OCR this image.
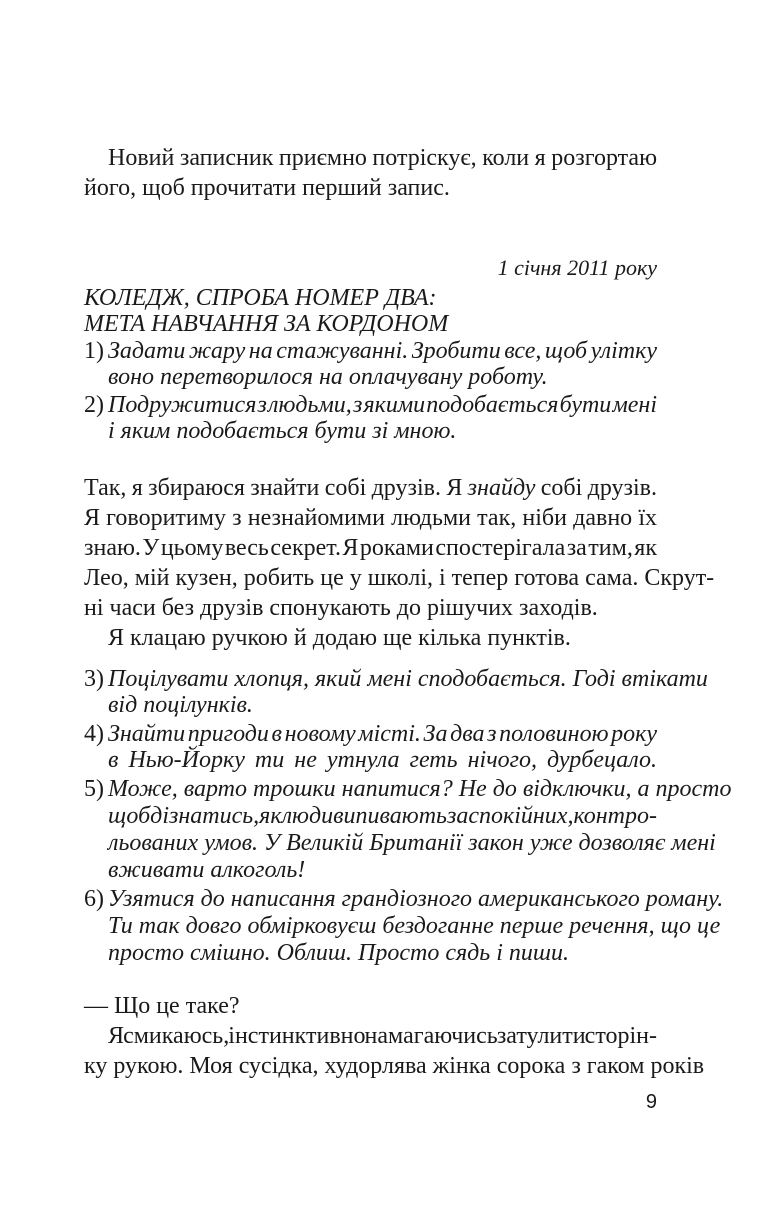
Новий записник приємно потріскує, коли я розгортаю
його, щоб прочитати перший запис.
1 січня 2011 року
КОЛЕДЖ, СПРОБА НОМЕР ДВА:
МЕТА НАВЧАННЯ ЗА КОРДОНОМ
1) Задати жару на стажуванні. Зробити все, щоб улітку
воно перетворилося на оплачувану роботу.
2) Подружитися з людьми, з якими подобається бути мені
і яким подобається бути зі мною.
Так, я збираюся знайти собі друзів. Я знайду собі друзів.
Я говоритиму з незнайомими людьми так, ніби давно їх
знаю. У цьому весь секрет. Я роками спостерігала за тим, як
Лео, мій кузен, робить це у школі, і тепер готова сама. Скрут-
ні часи без друзів спонукають до рішучих заходів.
Я клацаю ручкою й додаю ще кілька пунктів.
3) Поцілувати хлопця, який мені сподобається. Годі втікати
від поцілунків.
4) Знайти пригоди в новому місті. За два з половиною року
в Нью-Йорку ти не утнула геть нічого, дурбецало.
5) Може, варто трошки напитися? Не до відключки, а просто
щоб дізнатись, як люди випивають за спокійних, контро-
льованих умов. У Великій Британії закон уже дозволяє мені
вживати алкоголь!
6) Узятися до написання грандіозного американського роману.
Ти так довго обмірковуєш бездоганне перше речення, що це
просто смішно. Облиш. Просто сядь і пиши.
— Що це таке?
Я смикаюсь, інстинктивно намагаючись затулити сторін-
ку рукою. Моя сусідка, худорлява жінка сорока з гаком років
9
